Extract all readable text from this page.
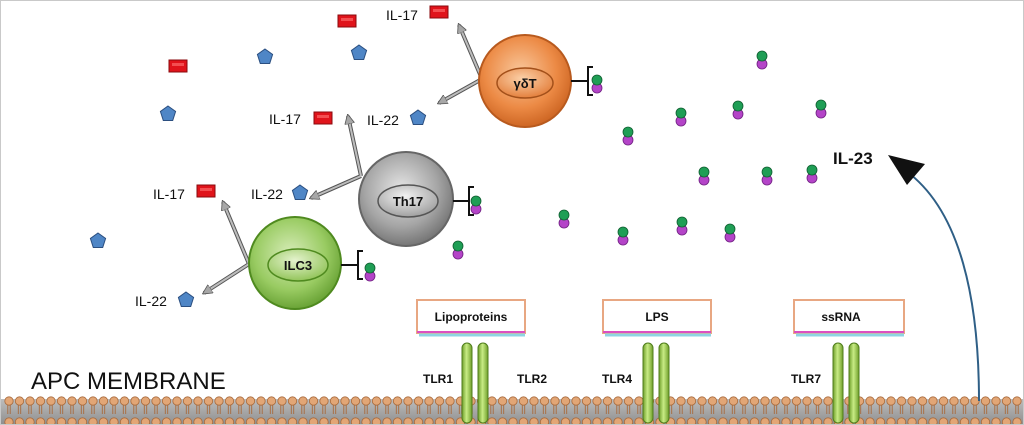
APC MEMBRANE
IL-23
TLR1	TLR2	TLR4	TLR7
Lipoproteins	LPS	ssRNA
γδT
Th17
ILC3
IL-17
IL-22
IL-17
IL-22
IL-17
IL-22
